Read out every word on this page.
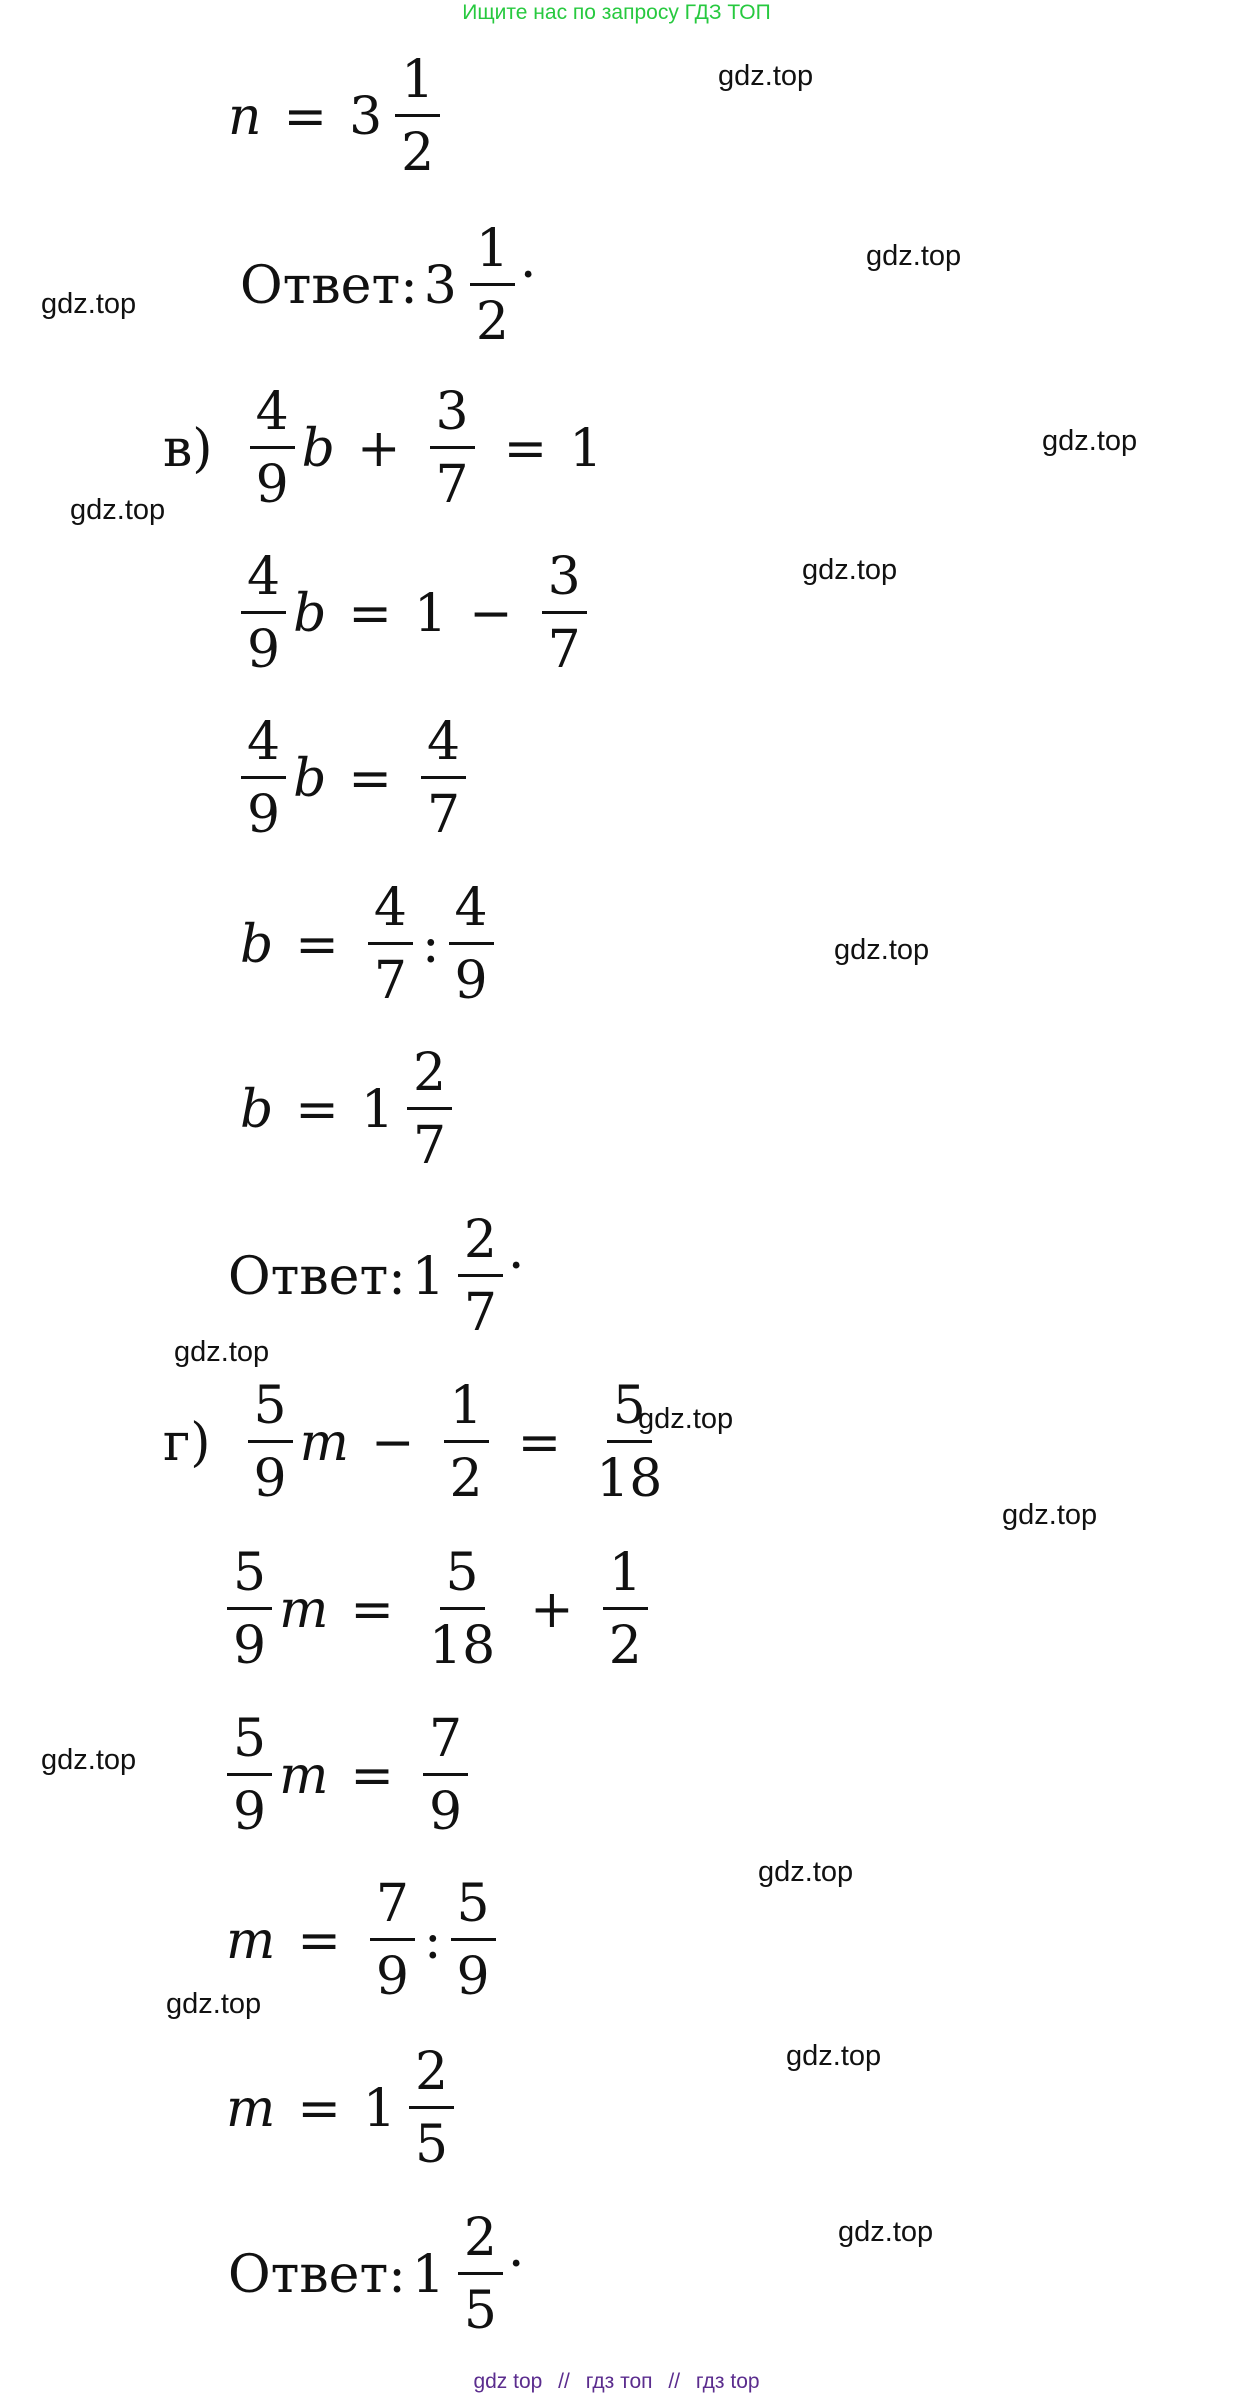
Ищите нас по запросу ГДЗ ТОП
$n = 3 \frac{1}{2}$
Ответ: $3 \frac{1}{2}$ .
$в) \frac{4}{9}$ $b + \frac{3}{7} = 1$
$\frac{4}{9}$ $b = 1 - \frac{3}{7}$
$\frac{4}{9}$ $b = \frac{4}{7}$
$b = \frac{4}{7}$ : $\frac{4}{9}$
$b = 1 \frac{2}{7}$
Ответ: $1 \frac{2}{7}$ .
$г) \frac{5}{9}$ $m - \frac{1}{2} = \frac{5}{18}$
$\frac{5}{9}$ $m = \frac{5}{18} + \frac{1}{2}$
$\frac{5}{9}$ $m = \frac{7}{9}$
$m = \frac{7}{9}$ : $\frac{5}{9}$
$m = 1 \frac{2}{5}$
Ответ: $1 \frac{2}{5}$ .
gdz.top
gdz.top
gdz.top
gdz.top
gdz.top
gdz.top
gdz.top
gdz.top
gdz.top
gdz.top
gdz.top
gdz.top
gdz.top
gdz.top
gdz.top
gdz top // гдз топ // гдз top
